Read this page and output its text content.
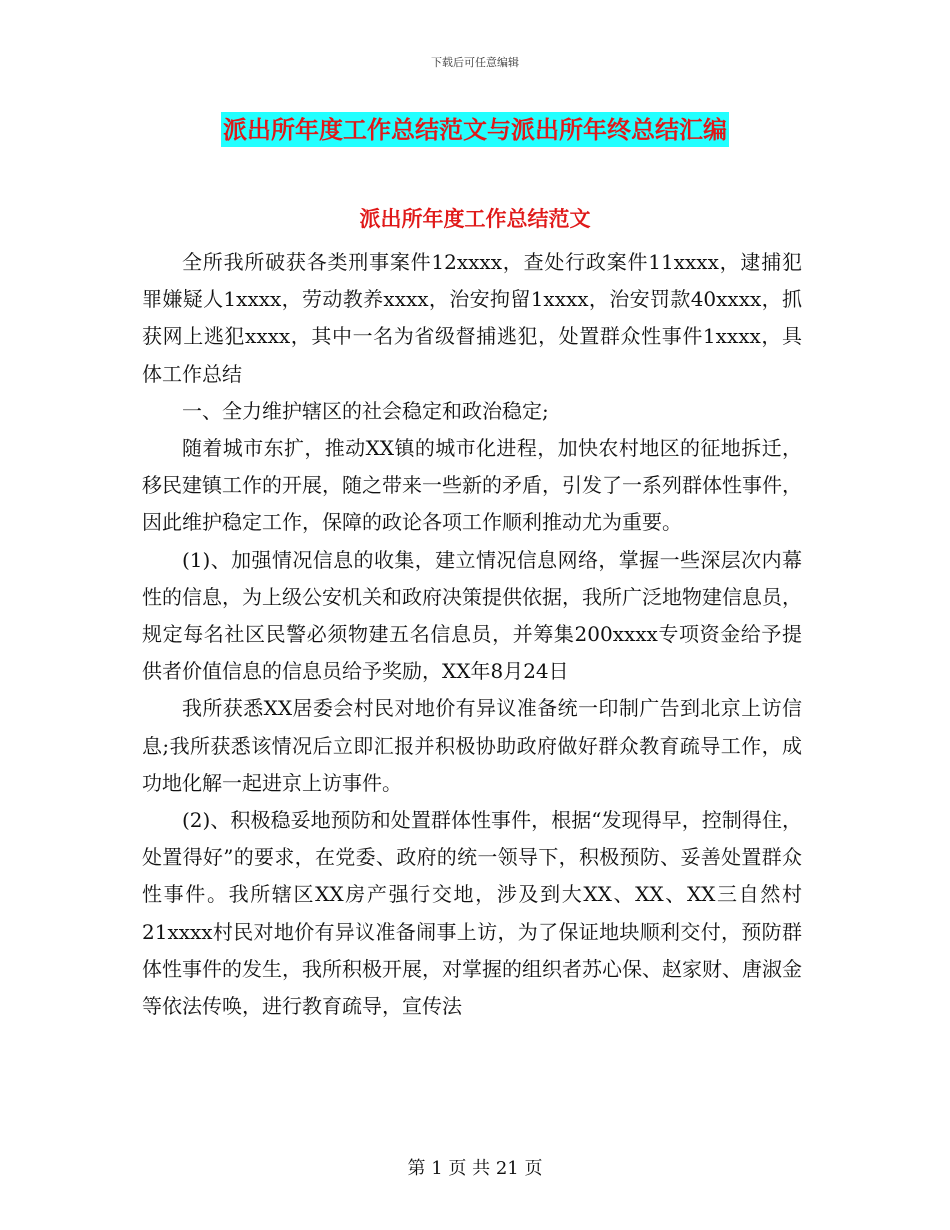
下载后可任意编辑
派出所年度工作总结范文与派出所年终总结汇编
派出所年度工作总结范文

全所我所破获各类刑事案件12xxxx，查处行政案件11xxxx，逮捕犯罪嫌疑人1xxxx，劳动教养xxxx，治安拘留1xxxx，治安罚款40xxxx，抓获网上逃犯xxxx，其中一名为省级督捕逃犯，处置群众性事件1xxxx，具体工作总结

一、全力维护辖区的社会稳定和政治稳定;

随着城市东扩，推动XX镇的城市化进程，加快农村地区的征地拆迁，移民建镇工作的开展，随之带来一些新的矛盾，引发了一系列群体性事件，因此维护稳定工作，保障的政论各项工作顺利推动尤为重要。

(1)、加强情况信息的收集，建立情况信息网络，掌握一些深层次内幕性的信息，为上级公安机关和政府决策提供依据，我所广泛地物建信息员，规定每名社区民警必须物建五名信息员，并筹集200xxxx专项资金给予提供者价值信息的信息员给予奖励，XX年8月24日

我所获悉XX居委会村民对地价有异议准备统一印制广告到北京上访信息;我所获悉该情况后立即汇报并积极协助政府做好群众教育疏导工作，成功地化解一起进京上访事件。

(2)、积极稳妥地预防和处置群体性事件，根据“发现得早，控制得住，处置得好”的要求，在党委、政府的统一领导下，积极预防、妥善处置群众性事件。我所辖区XX房产强行交地，涉及到大XX、XX、XX三自然村21xxxx村民对地价有异议准备闹事上访，为了保证地块顺利交付，预防群体性事件的发生，我所积极开展，对掌握的组织者苏心保、赵家财、唐淑金等依法传唤，进行教育疏导，宣传法

第 1 页 共 21 页
